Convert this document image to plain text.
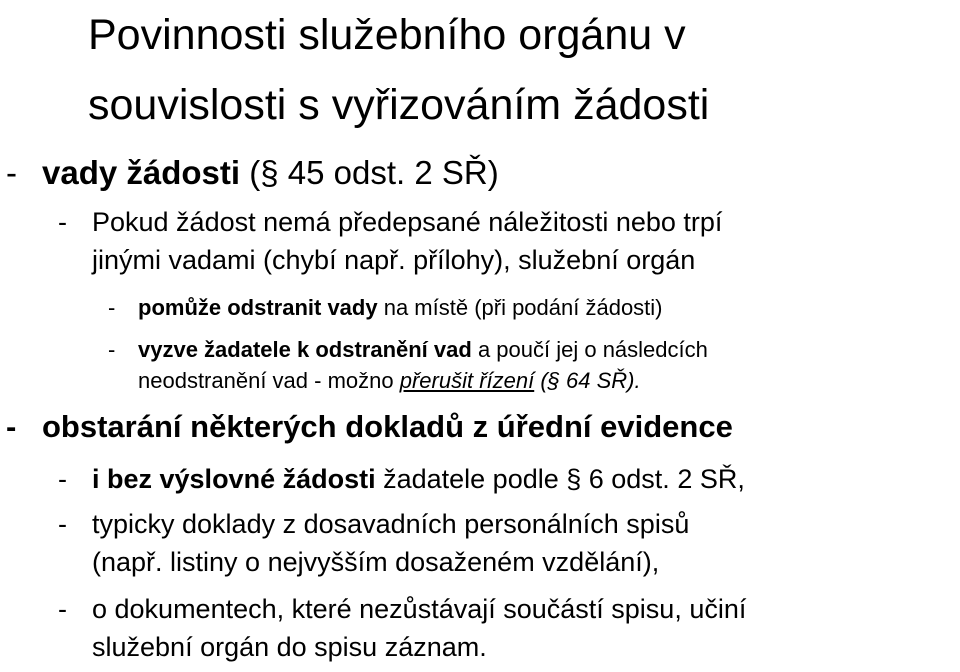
Povinnosti služebního orgánu v
souvislosti s vyřizováním žádosti
- vady žádosti (§ 45 odst. 2 SŘ)
- Pokud žádost nemá předepsané náležitosti nebo trpí
jinými vadami (chybí např. přílohy), služební orgán
- pomůže odstranit vady na místě (při podání žádosti)
- vyzve žadatele k odstranění vad a poučí jej o následcích
neodstranění vad - možno přerušit řízení (§ 64 SŘ).
- obstarání některých dokladů z úřední evidence
- i bez výslovné žádosti žadatele podle § 6 odst. 2 SŘ,
- typicky doklady z dosavadních personálních spisů
(např. listiny o nejvyšším dosaženém vzdělání),
- o dokumentech, které nezůstávají součástí spisu, učiní
služební orgán do spisu záznam.
